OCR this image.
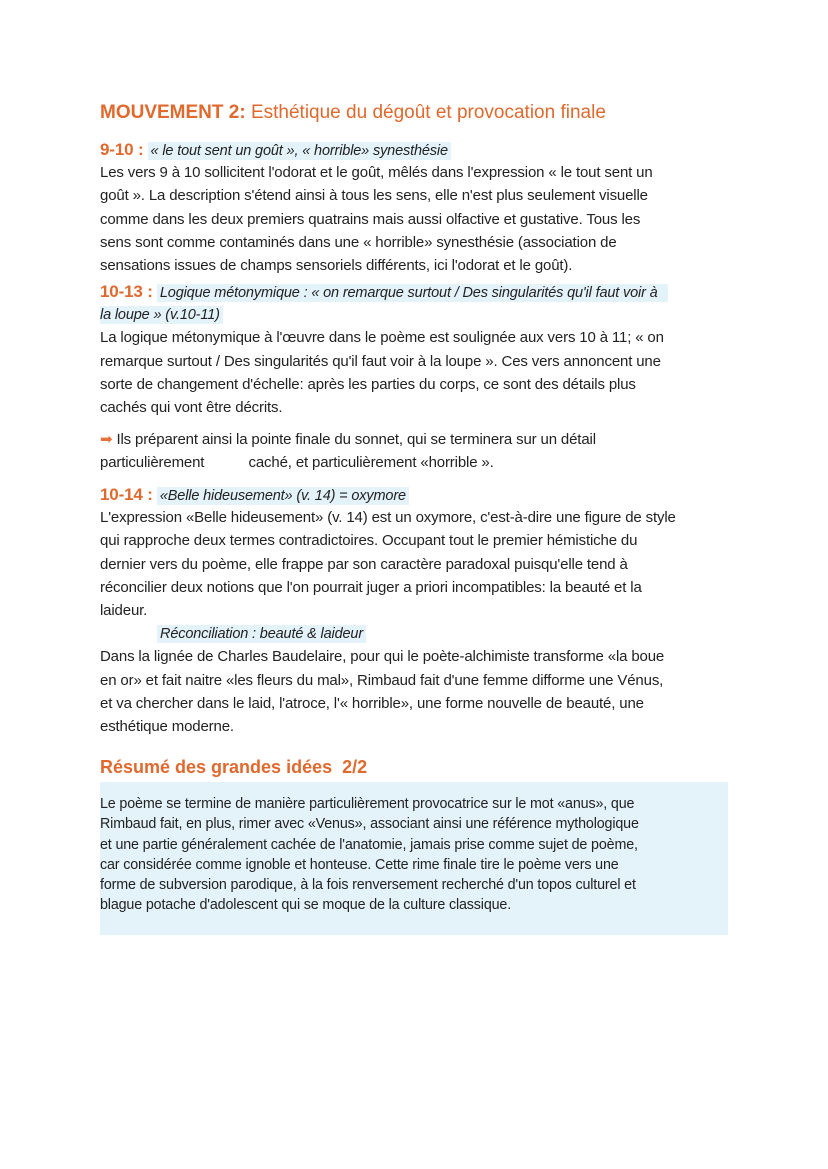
MOUVEMENT 2: Esthétique du dégoût et provocation finale
9-10 : « le tout sent un goût », « horrible» synesthésie
Les vers 9 à 10 sollicitent l'odorat et le goût, mêlés dans l'expression « le tout sent un
goût ». La description s'étend ainsi à tous les sens, elle n'est plus seulement visuelle
comme dans les deux premiers quatrains mais aussi olfactive et gustative. Tous les
sens sont comme contaminés dans une « horrible» synesthésie (association de
sensations issues de champs sensoriels différents, ici l'odorat et le goût).
10-13 : Logique métonymique : « on remarque surtout / Des singularités qu'il faut voir à
la loupe » (v.10-11)
La logique métonymique à l'œuvre dans le poème est soulignée aux vers 10 à 11; « on
remarque surtout / Des singularités qu'il faut voir à la loupe ». Ces vers annoncent une
sorte de changement d'échelle: après les parties du corps, ce sont des détails plus
cachés qui vont être décrits.
➡ Ils préparent ainsi la pointe finale du sonnet, qui se terminera sur un détail
particulièrement           caché, et particulièrement «horrible ».
10-14 : «Belle hideusement» (v. 14) = oxymore
L'expression «Belle hideusement» (v. 14) est un oxymore, c'est-à-dire une figure de style
qui rapproche deux termes contradictoires. Occupant tout le premier hémistiche du
dernier vers du poème, elle frappe par son caractère paradoxal puisqu'elle tend à
réconcilier deux notions que l'on pourrait juger a priori incompatibles: la beauté et la
laideur.
Réconciliation : beauté & laideur
Dans la lignée de Charles Baudelaire, pour qui le poète-alchimiste transforme «la boue
en or» et fait naitre «les fleurs du mal», Rimbaud fait d'une femme difforme une Vénus,
et va chercher dans le laid, l'atroce, l'« horrible», une forme nouvelle de beauté, une
esthétique moderne.
Résumé des grandes idées  2/2
Le poème se termine de manière particulièrement provocatrice sur le mot «anus», que
Rimbaud fait, en plus, rimer avec «Venus», associant ainsi une référence mythologique
et une partie généralement cachée de l'anatomie, jamais prise comme sujet de poème,
car considérée comme ignoble et honteuse. Cette rime finale tire le poème vers une
forme de subversion parodique, à la fois renversement recherché d'un topos culturel et
blague potache d'adolescent qui se moque de la culture classique.
